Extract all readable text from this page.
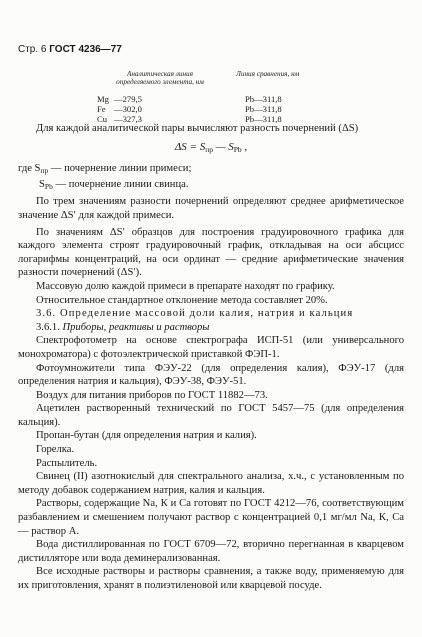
Стр. 6 ГОСТ 4236—77
Аналитическая линия
определяемого элемента, нм
Линия сравнения, нм
Mg —279,5
Fe —302,0
Cu —327,3
Pb—311,8
Pb—311,8
Pb—311,8

Для каждой аналитической пары вычисляют разность почернений (ΔS)

$\Delta S = S_{пр}$ — $S_{Pb}$ ,
где $S_{пр}$ — почернение линии примеси;
$S_{Pb}$ — почернение линии свинца.

По трем значениям разности почернений определяют среднее арифметическое значение ΔS′ для каждой примеси.

По значениям ΔS′ образцов для построения градуировочного графика для каждого элемента строят градуировочный график, откладывая на оси абсцисс логарифмы концентраций, на оси ординат — средние арифметические значения разности почернений (ΔS′).

Массовую долю каждой примеси в препарате находят по графику.

Относительное стандартное отклонение метода составляет 20%.

3.6. Определение массовой доли калия, натрия и кальция

3.6.1. Приборы, реактивы и растворы

Спектрофотометр на основе спектрографа ИСП-51 (или универсального монохроматора) с фотоэлектрической приставкой ФЭП-1.

Фотоумножители типа ФЭУ-22 (для определения калия), ФЭУ-17 (для определения натрия и кальция), ФЭУ-38, ФЭУ-51.

Воздух для питания приборов по ГОСТ 11882—73.

Ацетилен растворенный технический по ГОСТ 5457—75 (для определения кальция).

Пропан-бутан (для определения натрия и калия).

Горелка.

Распылитель.

Свинец (II) азотнокислый для спектрального анализа, х.ч., с установленным по методу добавок содержанием натрия, калия и кальция.

Растворы, содержащие Na, К и Са готовят по ГОСТ 4212—76, соответствующим разбавлением и смешением получают раствор с концентрацией 0,1 мг/мл Na, К, Са — раствор А.

Вода дистиллированная по ГОСТ 6709—72, вторично перегнанная в кварцевом дистилляторе или вода деминерализованная.

Все исходные растворы и растворы сравнения, а также воду, применяемую для их приготовления, хранят в полиэтиленовой или кварцевой посуде.
